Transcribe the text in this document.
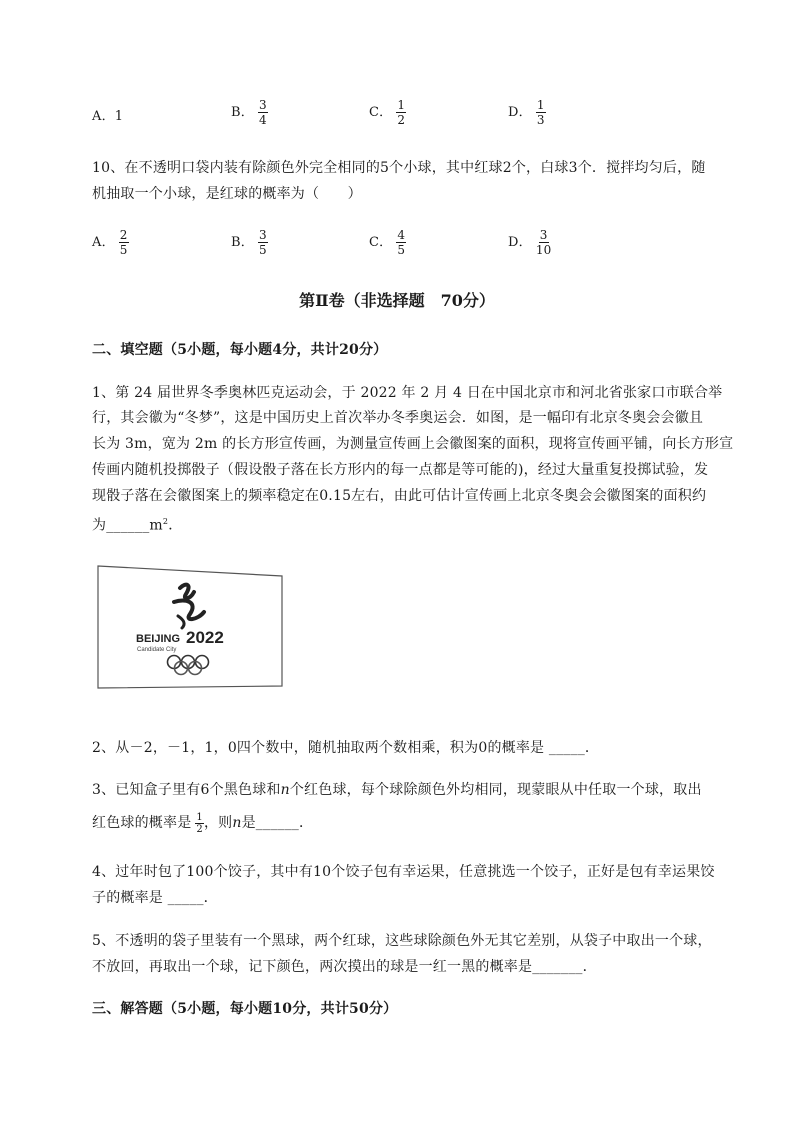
A．1	B． $\frac{3}{4}$	C． $\frac{1}{2}$	D． $\frac{1}{3}$
10、在不透明口袋内装有除颜色外完全相同的5个小球，其中红球2个，白球3个．搅拌均匀后，随
机抽取一个小球，是红球的概率为（　　）
A． $\frac{2}{5}$	B． $\frac{3}{5}$	C． $\frac{4}{5}$	D． $\frac{3}{10}$
第Ⅱ卷（非选择题　70分）
二、填空题（5小题，每小题4分，共计20分）
1、第 24 届世界冬季奥林匹克运动会，于 2022 年 2 月 4 日在中国北京市和河北省张家口市联合举
行，其会徽为“冬梦”，这是中国历史上首次举办冬季奥运会．如图，是一幅印有北京冬奥会会徽且
长为 3m，宽为 2m 的长方形宣传画，为测量宣传画上会徽图案的面积，现将宣传画平铺，向长方形宣
传画内随机投掷骰子（假设骰子落在长方形内的每一点都是等可能的)，经过大量重复投掷试验，发
现骰子落在会徽图案上的频率稳定在0.15左右，由此可估计宣传画上北京冬奥会会徽图案的面积约
为$\_\_\_\_\_\_m^2$．
BEIJING 2022
Candidate City
2、从－2，－1，1，0四个数中，随机抽取两个数相乘，积为0的概率是 _____．
3、已知盒子里有6个黑色球和n个红色球，每个球除颜色外均相同，现蒙眼从中任取一个球，取出
红色球的概率是 $\frac{1}{2}$ ，则n是______．
4、过年时包了100个饺子，其中有10个饺子包有幸运果，任意挑选一个饺子，正好是包有幸运果饺
子的概率是 _____．
5、不透明的袋子里装有一个黑球，两个红球，这些球除颜色外无其它差别，从袋子中取出一个球，
不放回，再取出一个球，记下颜色，两次摸出的球是一红一黑的概率是_______．
三、解答题（5小题，每小题10分，共计50分）
